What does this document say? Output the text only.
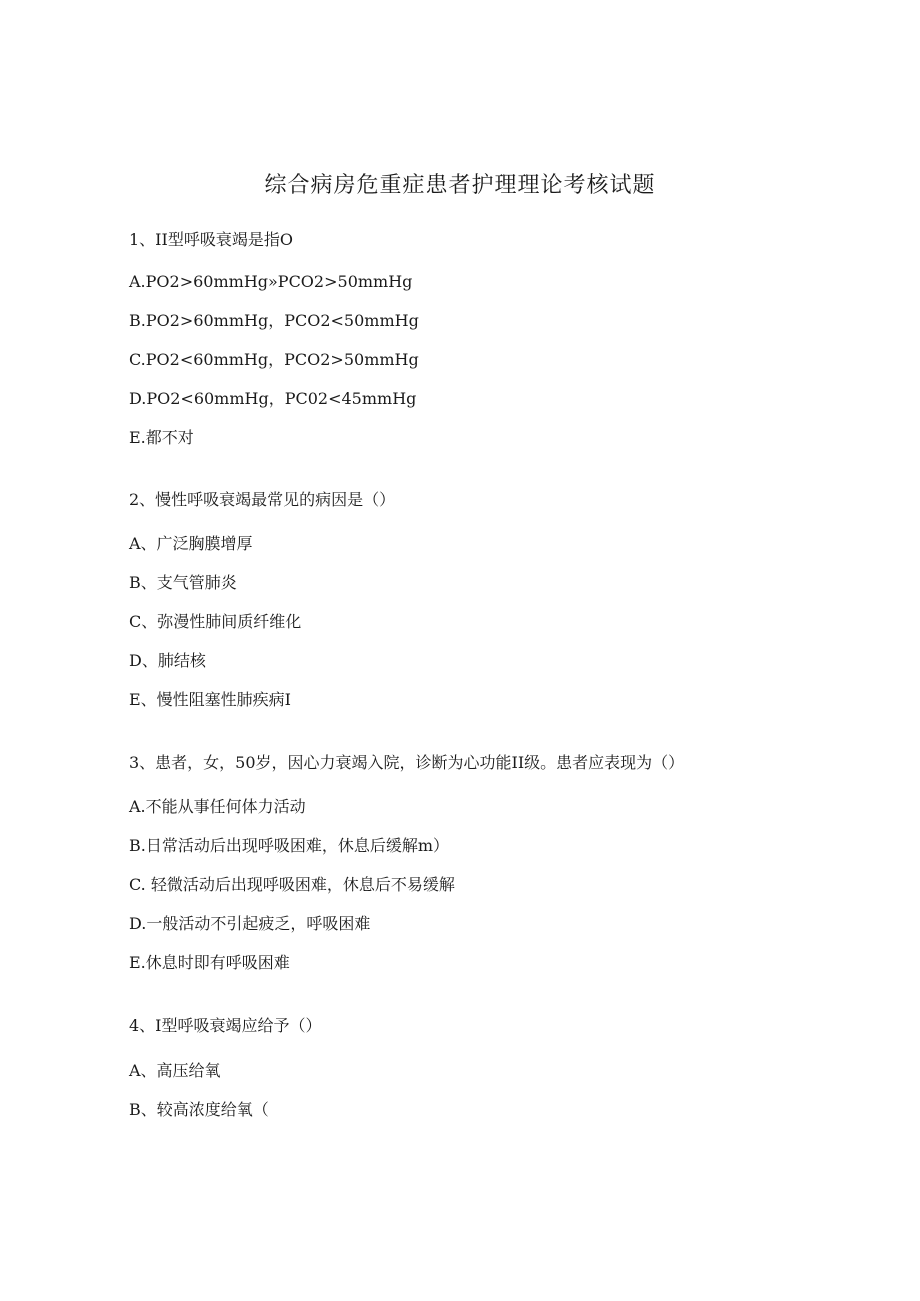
综合病房危重症患者护理理论考核试题
1、II型呼吸衰竭是指O
A.PO2>60mmHg»PCO2>50mmHg
B.PO2>60mmHg，PCO2<50mmHg
C.PO2<60mmHg，PCO2>50mmHg
D.PO2<60mmHg，PC02<45mmHg
E.都不对
2、慢性呼吸衰竭最常见的病因是（）
A、广泛胸膜增厚
B、支气管肺炎
C、弥漫性肺间质纤维化
D、肺结核
E、慢性阻塞性肺疾病I
3、患者，女，50岁，因心力衰竭入院，诊断为心功能II级。患者应表现为（）
A.不能从事任何体力活动
B.日常活动后出现呼吸困难，休息后缓解m）
C. 轻微活动后出现呼吸困难，休息后不易缓解
D.一般活动不引起疲乏，呼吸困难
E.休息时即有呼吸困难
4、I型呼吸衰竭应给予（）
A、高压给氧
B、较高浓度给氧（
